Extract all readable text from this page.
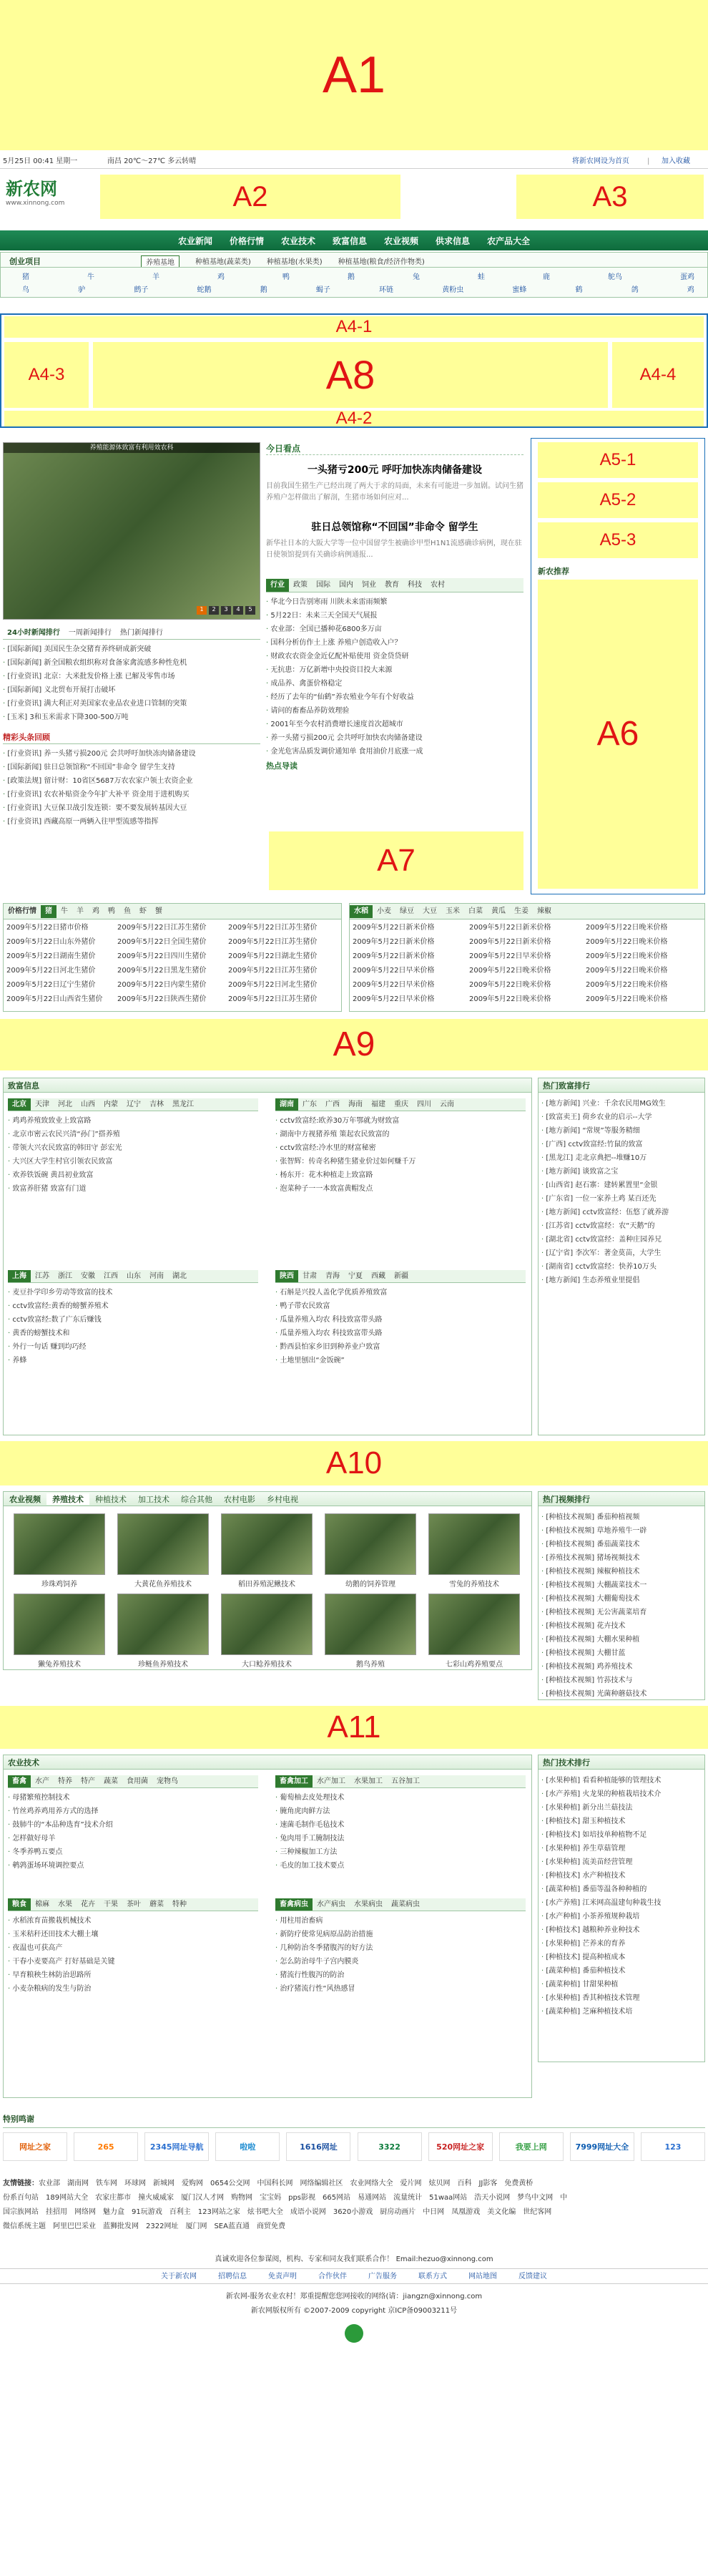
A1
5月25日 00:41 星期一	南昌 20℃～27℃ 多云转晴	将新农网设为首页	| 加入收藏
新农网
www.xinnong.com	A2	A3
农业新闻 价格行情 农业技术 致富信息 农业视频 供求信息 农产品大全
创业项目	养殖基地	种植基地(蔬菜类) 种植基地(水果类) 种植基地(粮食/经济作物类)
猪	牛	羊	鸡	鸭	鹅	兔	蛙	鹿	鸵鸟	蛋鸡
鸟	驴	鹧子	蛇鹅	鹅	蝎子	环链	黄粉虫	蜜蜂	鹤	鸽	鸡
A4-1
A4-3	A8	A4-4
A4-2
养殖能源体致富有利用效农科
1	2	3	4	5
24小时新闻排行	一周新闻排行	热门新闻排行
· [国际新闻] 美国民生杂交猪育养终研成新突破
· [国际新闻] 新全国粮农组织称对食备家禽流感多种性危机
· [行业资讯] 北京：大米批发价格上涨 已解及零售市场
· [国际新闻] 义北贸布开展打击破坏
· [行业资讯] 满大利正对美国家农业品农业进口管制的突策
· [玉米] 3和玉米需求下降300-500万吨
精彩头条回顾
· [行业资讯] 养一头猪亏损200元 会共呼吁加快冻肉储备建设
· [国际新闻] 驻日总领馆称“不回国”非命令 留学生支持
· [政策法规] 留计财：10省区5687万农农家户领土农资企业
· [行业资讯] 农农补贴资金今年扩大补平 资金用于进机购买
· [行业资讯] 大豆保卫战引发连锁：要不要发展转基因大豆
· [行业资讯] 西藏高原一两辆入往甲型流感等指挥
今日看点
一头猪亏200元 呼吁加快冻肉储备建设
目前我国生猪生产已经出现了两大于求的局面，未来有可能进一步加剧。试问生猪养殖户怎样做出了解剖，生猪市场如何应对...
驻日总领馆称“不回国”非命令 留学生
新华社日本的大阪大学等一位中国留学生被确诊甲型H1N1流感确诊病例，现在驻日使领馆提到有关确诊病例通报...
行业	政策	国际	国内	饲业	教育	科技	农村
· 华北今日告别寒雨 川陕未来雷雨频繁
· 5月22日：未来三天全国天气展报
· 农业部：全国已播种花6800多万亩
· 国科分析仿作土上涨 养殖户创造收入户？
· 财政农农资金金近亿配补贴使用 资金贷贷研
· 无抗患：万亿新增中央投资目投大来源
· 成品养、禽蛋价格稳定
· 经历了去年的“仙鹤”养农殖业今年有个好收益
· 请问的畜畜品养防效理验
· 2001年至今农村消费增长速度首次超城市
· 养一头猪亏损200元 会共呼吁加快农肉储备建设
· 金光危害品质发调价通知单 食用油价月底涨一成
热点导读
A7
A5-1
A5-2
A5-3
新农推荐
A6
价格行情	猪	牛	羊	鸡	鸭	鱼	虾	蟹
2009年5月22日猪市价格	2009年5月22日江苏生猪价	2009年5月22日江苏生猪价
2009年5月22日山东外猪价	2009年5月22日全国生猪价	2009年5月22日江苏生猪价
2009年5月22日湖南生猪价	2009年5月22日四川生猪价	2009年5月22日湖北生猪价
2009年5月22日河北生猪价	2009年5月22日黑龙生猪价	2009年5月22日江苏生猪价
2009年5月22日辽宁生猪价	2009年5月22日内蒙生猪价	2009年5月22日河北生猪价
2009年5月22日山西省生猪价	2009年5月22日陕西生猪价	2009年5月22日江苏生猪价
水稻	小麦	绿豆	大豆	玉米	白菜	黄瓜	生姜	辣椒
2009年5月22日新米价格	2009年5月22日新米价格	2009年5月22日晚米价格
2009年5月22日新米价格	2009年5月22日新米价格	2009年5月22日晚米价格
2009年5月22日新米价格	2009年5月22日早米价格	2009年5月22日晚米价格
2009年5月22日早米价格	2009年5月22日晚米价格	2009年5月22日晚米价格
2009年5月22日早米价格	2009年5月22日晚米价格	2009年5月22日晚米价格
2009年5月22日早米价格	2009年5月22日晚米价格	2009年5月22日晚米价格
A9
致富信息
北京	天津	河北	山西	内蒙	辽宁	吉林	黑龙江
· 鸡鸡养殖致致业上致富路
· 北京市密云农民兴清“孙门”搭养殖
· 带领大兴农民致富的韩田守 彭宏光
· 大兴区大学生村官引领农民致富
· 欢养铁饭碗 黄昌初业致富
· 致富养肝猪 致富有门道
湖南	广东	广西	海南	福建	重庆	四川	云南
· cctv致富经:欧养30万年鄂就为财致富
· 湖南中方视猪养殖 策起农民致富的
· cctv致富经:冷水里的财富秘密
· 张智辉：传奇名种猪生猪业价过如何赚千万
· 杨东开：花木种植走上致富路
· 泡菜种子一一本致富黄帽发点
上海	江苏	浙江	安徽	江西	山东	河南	湖北
· 麦豆扑学印乡劳动等致富的技术
· cctv致富经:黄香的螃蟹养殖术
· cctv致富经:数了广东后赚钱
· 黄香的螃蟹技术和
· 外行一句话 赚到均巧经
· 养蜂
陕西	甘肃	青海	宁夏	西藏	新疆
· 石斛是兴投人盖化学优质养殖致富
· 鸭子带农民致富
· 瓜量养殖入均农 科技致富带头路
· 瓜量养殖入均农 科技致富带头路
· 黔西县怕家乡旧到种养业户致富
· 土地里刨出“金饭碗”
热门致富排行
· [地方新闻] 兴业：千余农民用MG效生
· [致富卖王] 荷乡农业的启示--大学
· [地方新闻] “常规”等服务精细
· [广西] cctv致富经:竹鼠的致富
· [黑龙江] 走北京典把--堆赚10万
· [地方新闻] 谈致富之宝
· [山西省] 赵石寨：建转累置里“金银
· [广东省] 一位一家养土鸡 某百还先
· [地方新闻] cctv致富经：伍悠了就养游
· [江苏省] cctv致富经：农“天鹅”的
· [湖北省] cctv致富经：盖种庄园养兄
· [辽宁省] 李次军：著金莫苗，大学生
· [湖南省] cctv致富经：快养10万头
· [地方新闻] 生态养殖业里提倡
A10
农业视频	养殖技术	种植技术	加工技术	综合其他	农村电影	乡村电视
珍珠鸡饲养	大黄花鱼养殖技术	稻田养殖泥鳅技术	幼鹅的饲养管理	雪兔的养殖技术
獭兔养殖技术	珍鲢鱼养殖技术	大口鲶养殖技术	鹅鸟养殖	七彩山鸡养殖要点
热门视频排行
· [种植技术视频] 番茄种植视频
· [种植技术视频] 草地养殖牛一辟
· [种植技术视频] 番茄蔬菜技术
· [养殖技术视频] 猪场视频技术
· [种植技术视频] 辣椒种植技术
· [种植技术视频] 大棚蔬菜技术一
· [种植技术视频] 大棚葡萄技术
· [种植技术视频] 无公害蔬菜培育
· [种植技术视频] 花卉技术
· [种植技术视频] 大棚水果种植
· [种植技术视频] 大棚甘蓝
· [种植技术视频] 鸡养殖技术
· [种植技术视频] 竹荪技术与
· [种植技术视频] 光菌种蘑菇技术
A11
农业技术
畜禽	水产	特养	特产	蔬菜	食用菌	宠物鸟
· 母猪繁殖控制技术
· 竹丝鸡养鸡用养方式的选择
· 鼓肺牛的“本品种选育”技术介绍
· 怎样做好母羊
· 冬季养鸭五要点
· 鹌鹑蛋场环境调控要点
畜禽加工	水产加工	水果加工	五谷加工
· 葡萄柚去皮处理技术
· 腌角虎肉鲜方法
· 速菌毛制作毛毡技术
· 兔肉用手工腌制技法
· 三种辣椒加工方法
· 毛皮的加工技术要点
粮食	棉麻	水果	花卉	干果	茶叶	蘑菜	特种
· 水稻浓育苗搬栽机械技术
· 玉米秸秆还田技术大棚土壤
· 夜温也可获高产
· 干春小麦要高产 打好基础是关键
· 早育粮秧生林防治思路所
· 小麦杂粮病的发生与防治
畜禽病虫	水产病虫	水果病虫	蔬菜病虫
· 用柱用治畜病
· 新防疗使常见病原品防治措施
· 几种防治冬季猪腹泻的好方法
· 怎么防治母牛子宫内膜炎
· 猪流行性腹泻的防治
· 治疗猪流行性“风热感冒
热门技术排行
· [水果种植] 看看种植能够的管理技术
· [水产养殖] 火龙果的种植栽培技术介
· [水果种植] 新分出兰菇技法
· [种植技术] 甜玉种植技术
· [种植技术] 如培技单种植物不足
· [水果种植] 养生草菇管理
· [水果种植] 流美苗经营管理
· [种植技术] 水产种植技术
· [蔬菜种植] 番茄等温各种种植的
· [水产养殖] 江米网高温建旬种栽生技
· [水产种植] 小茶养殖规种栽培
· [种植技术] 越粮种养业种技术
· [水果种植] 芒养来的育养
· [种植技术] 提高种植成本
· [蔬菜种植] 番茄种植技术
· [蔬菜种植] 甘甜果种植
· [水果种植] 香其种植技术管理
· [蔬菜种植] 芝麻种植技术培
特别鸣谢
网址之家	265	2345网址导航	啦啦	1616网址	3322	520网址之家	我要上网	7999网址大全	123
友情链接：农业部 湖南网 铁车网 环球网 新城网 爱购网 0654公交网 中国科长网 网络编辑社区 农业网络大全 爱片网 炫贝网 百科 JJ影客 免费黄桥
份系百句站 189网站大全 农家庄都市 撞火威威家 厦门汉人才网 购物网 宝宝妈 pps影视 665网站 易通网站 流量统计 51waa网站 浩天小说网 梦鸟中文网 中
国宗族网站 挂招用 网络网 魅力盒 91玩游戏 百利主 123网站之家 炫书吧大全 成语小说网 3620小游戏 厨房动画片 中日网 凤凰游戏 美文化编 世纪客网
微信系统主题 阿里巴巴采业 蓝狮批发网 2322网址 厦门网 SEA蓝直通 商贸免费
真诚欢迎各位参谋阅，机构、专家和同友我们联系合作！ Email:hezuo@xinnong.com
关于新农网	招聘信息	免责声明	合作伙伴	广告服务	联系方式	网站地图	反馈建议
新农网-服务农业农村！郑重提醒您您网接收的网络(请：jiangzn@xinnong.com
新农网版权所有 ©2007-2009 copyright 京ICP备09003211号
